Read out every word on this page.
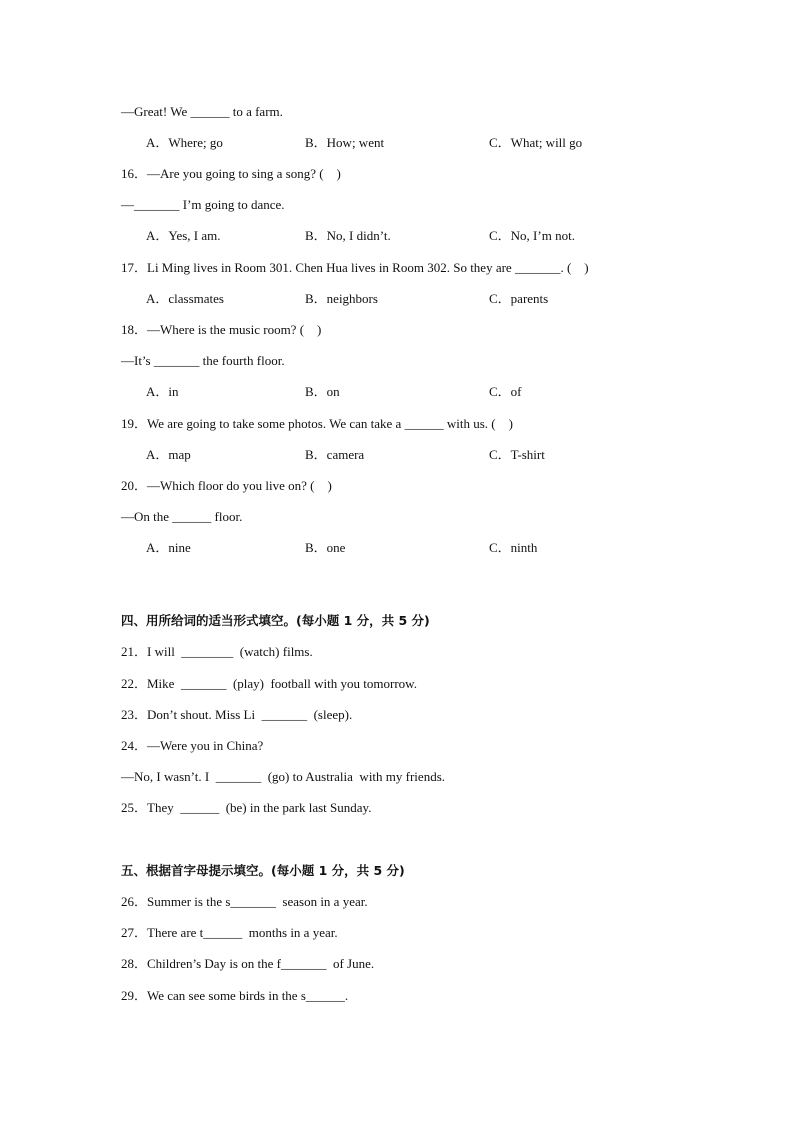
—Great! We ______ to a farm.
A．Where; go	B．How; went	C．What; will go
16．—Are you going to sing a song? (    )
—_______ I’m going to dance.
A．Yes, I am.	B．No, I didn’t.	C．No, I’m not.
17．Li Ming lives in Room 301. Chen Hua lives in Room 302. So they are _______. (    )
A．classmates	B．neighbors	C．parents
18．—Where is the music room? (    )
—It’s _______ the fourth floor.
A．in	B．on	C．of
19．We are going to take some photos. We can take a ______ with us. (    )
A．map	B．camera	C．T-shirt
20．—Which floor do you live on? (    )
—On the ______ floor.
A．nine	B．one	C．ninth
四、用所给词的适当形式填空。(每小题 1 分，共 5 分)
21．I will  ________  (watch) films.
22．Mike  _______  (play)  football with you tomorrow.
23．Don’t shout. Miss Li  _______  (sleep).
24．—Were you in China?
—No, I wasn’t. I  _______  (go) to Australia  with my friends.
25．They  ______  (be) in the park last Sunday.
五、根据首字母提示填空。(每小题 1 分，共 5 分)
26．Summer is the s_______  season in a year.
27．There are t______  months in a year.
28．Children’s Day is on the f_______  of June.
29．We can see some birds in the s______.
